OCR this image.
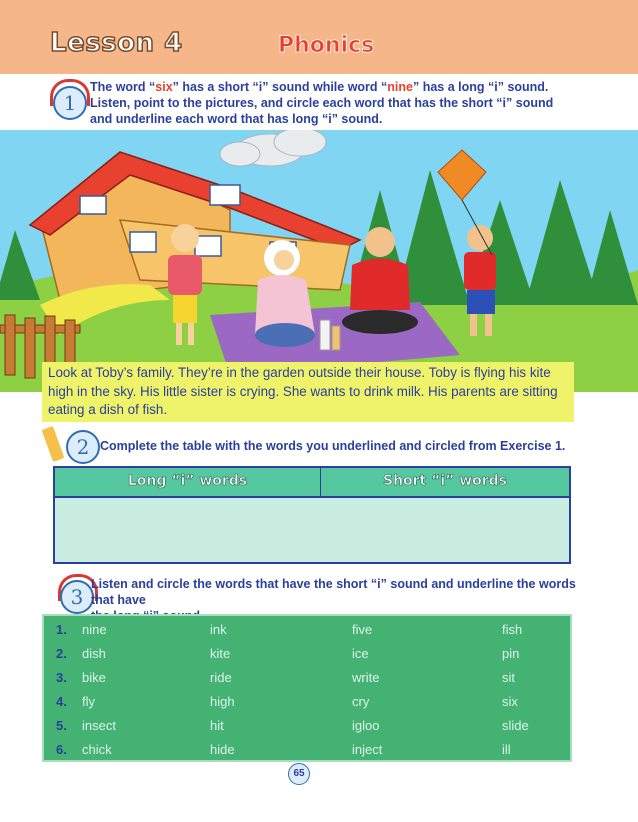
Lesson 4	Phonics
1
The word “six” has a short “i” sound while word “nine” has a long “i” sound. Listen, point to the pictures, and circle each word that has the short “i” sound and underline each word that has long “i” sound.
Look at Toby’s family. They’re in the garden outside their house. Toby is flying his kite high in the sky. His little sister is crying. She wants to drink milk. His parents are sitting eating a dish of fish.
2 Complete the table with the words you underlined and circled from Exercise 1.
Long “i” words	Short “i” words
3
Listen and circle the words that have the short “i” sound and underline the words that have
1. nine	ink	five	fish
2. dish	kite	ice	pin
3. bike	ride	write	sit
4. fly	high	cry	six
5. insect	hit	igloo	slide
6. chick	hide	inject	ill
65
